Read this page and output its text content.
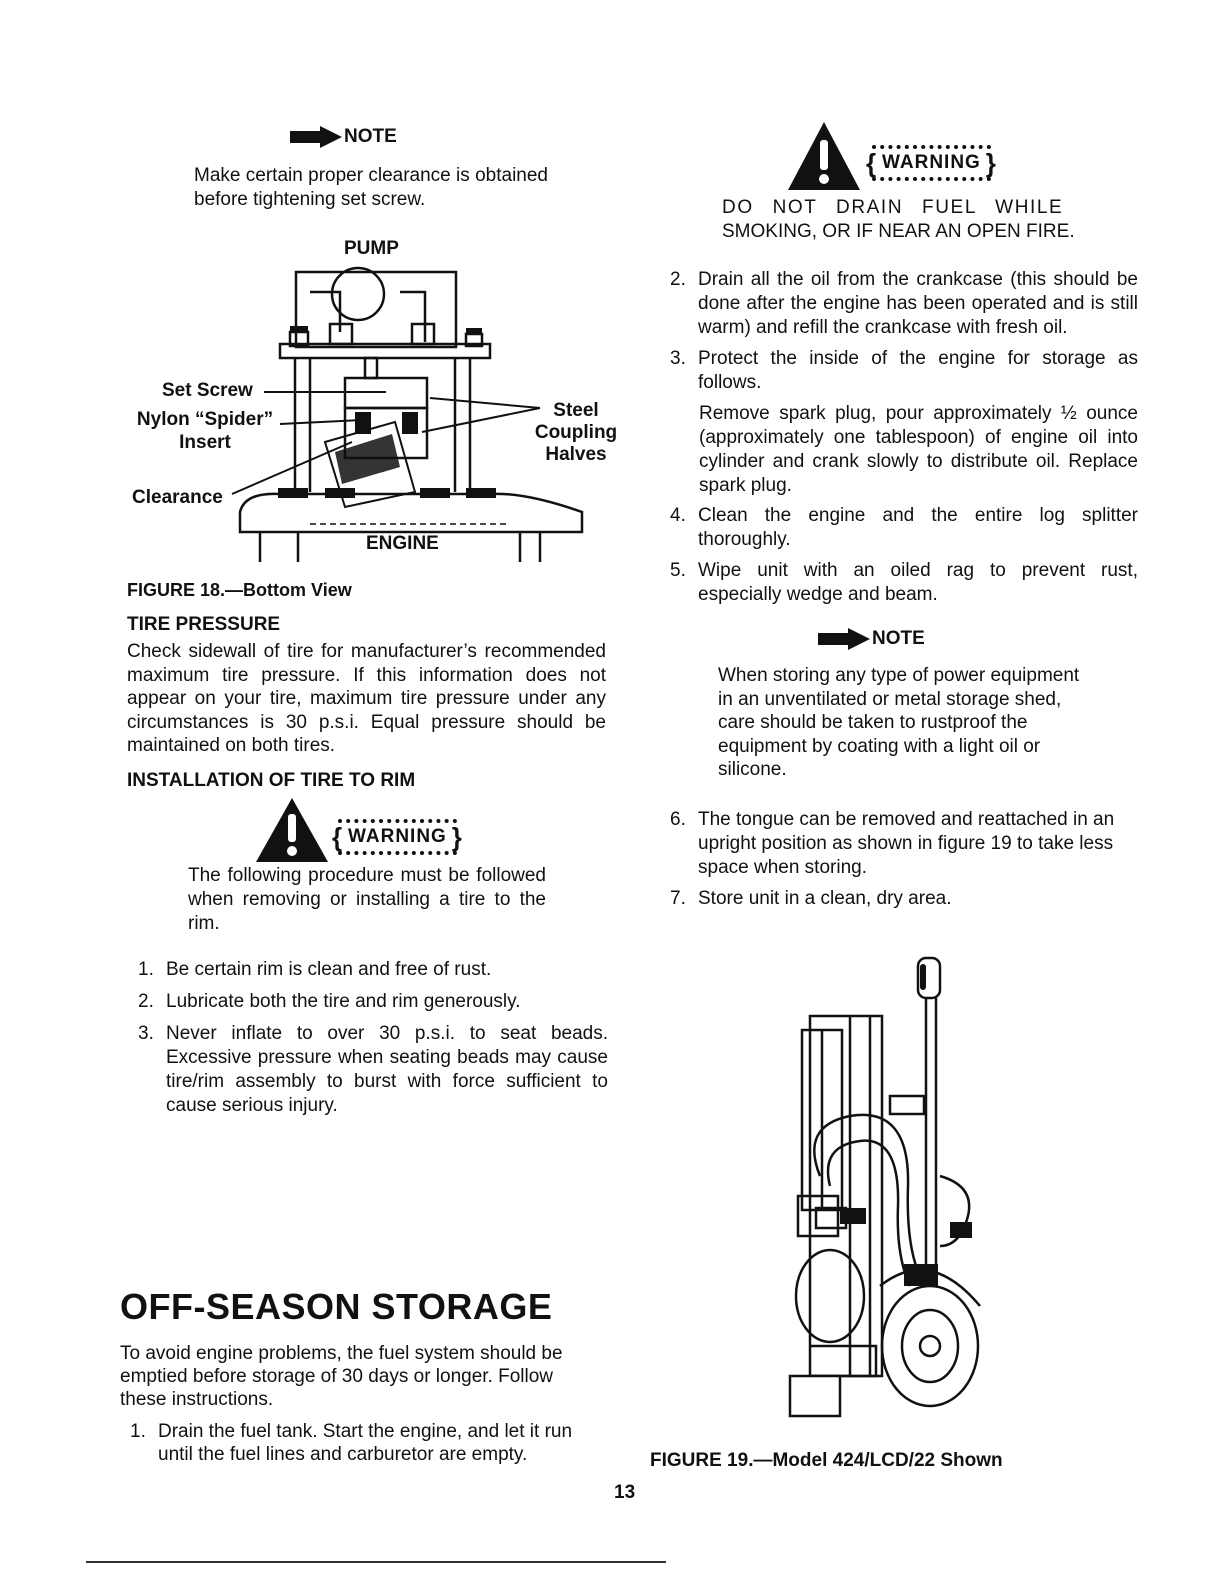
NOTE
Make certain proper clearance is obtained before tightening set screw.
PUMP
Set Screw
Nylon “Spider”
Insert
Steel
Coupling
Halves
Clearance
ENGINE
FIGURE 18.—Bottom View
TIRE PRESSURE
Check sidewall of tire for manufacturer’s recommended maximum tire pressure. If this information does not appear on your tire, maximum tire pressure under any circumstances is 30 p.s.i. Equal pressure should be maintained on both tires.
INSTALLATION OF TIRE TO RIM
{ WARNING }
The following procedure must be followed when removing or installing a tire to the rim.
1. Be certain rim is clean and free of rust.
2. Lubricate both the tire and rim generously.
3. Never inflate to over 30 p.s.i. to seat beads. Excessive pressure when seating beads may cause tire/rim assembly to burst with force sufficient to cause serious injury.
OFF-SEASON STORAGE
To avoid engine problems, the fuel system should be emptied before storage of 30 days or longer. Follow these instructions.
1. Drain the fuel tank. Start the engine, and let it run until the fuel lines and carburetor are empty.
{ WARNING }
DO NOT DRAIN FUEL WHILE
SMOKING, OR IF NEAR AN OPEN FIRE.
2. Drain all the oil from the crankcase (this should be done after the engine has been operated and is still warm) and refill the crankcase with fresh oil.
3. Protect the inside of the engine for storage as follows.
Remove spark plug, pour approximately ½ ounce (approximately one tablespoon) of engine oil into cylinder and crank slowly to distribute oil. Replace spark plug.
4. Clean the engine and the entire log splitter thoroughly.
5. Wipe unit with an oiled rag to prevent rust, especially wedge and beam.
NOTE
When storing any type of power equipment in an unventilated or metal storage shed, care should be taken to rustproof the equipment by coating with a light oil or silicone.
6. The tongue can be removed and reattached in an upright position as shown in figure 19 to take less space when storing.
7. Store unit in a clean, dry area.
FIGURE 19.—Model 424/LCD/22 Shown
13
